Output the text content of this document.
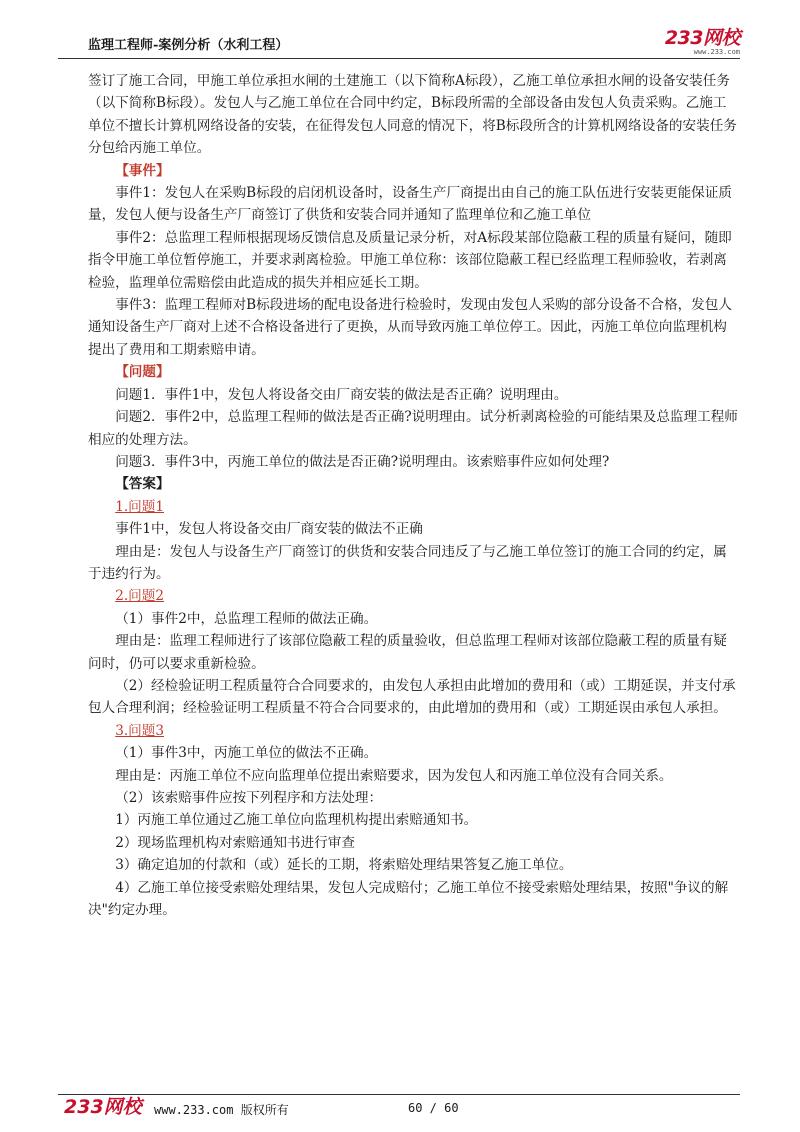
监理工程师-案例分析（水利工程）	233网校
www.233.com

签订了施工合同，甲施工单位承担水闸的土建施工（以下简称A标段），乙施工单位承担水闸的设备安装任务（以下简称B标段）。发包人与乙施工单位在合同中约定，B标段所需的全部设备由发包人负责采购。乙施工单位不擅长计算机网络设备的安装，在征得发包人同意的情况下，将B标段所含的计算机网络设备的安装任务分包给丙施工单位。

【事件】

事件1：发包人在采购B标段的启闭机设备时，设备生产厂商提出由自己的施工队伍进行安装更能保证质量，发包人便与设备生产厂商签订了供货和安装合同并通知了监理单位和乙施工单位

事件2：总监理工程师根据现场反馈信息及质量记录分析，对A标段某部位隐蔽工程的质量有疑问，随即指令甲施工单位暂停施工，并要求剥离检验。甲施工单位称：该部位隐蔽工程已经监理工程师验收，若剥离检验，监理单位需赔偿由此造成的损失并相应延长工期。

事件3：监理工程师对B标段进场的配电设备进行检验时，发现由发包人采购的部分设备不合格，发包人通知设备生产厂商对上述不合格设备进行了更换，从而导致丙施工单位停工。因此，丙施工单位向监理机构提出了费用和工期索赔申请。

【问题】

问题1．事件1中，发包人将设备交由厂商安装的做法是否正确？说明理由。

问题2．事件2中，总监理工程师的做法是否正确?说明理由。试分析剥离检验的可能结果及总监理工程师相应的处理方法。

问题3．事件3中，丙施工单位的做法是否正确?说明理由。该索赔事件应如何处理?

【答案】

1.问题1

事件1中，发包人将设备交由厂商安装的做法不正确

理由是：发包人与设备生产厂商签订的供货和安装合同违反了与乙施工单位签订的施工合同的约定，属于违约行为。

2.问题2

（1）事件2中，总监理工程师的做法正确。

理由是：监理工程师进行了该部位隐蔽工程的质量验收，但总监理工程师对该部位隐蔽工程的质量有疑问时，仍可以要求重新检验。

（2）经检验证明工程质量符合合同要求的，由发包人承担由此增加的费用和（或）工期延误，并支付承包人合理利润；经检验证明工程质量不符合合同要求的，由此增加的费用和（或）工期延误由承包人承担。

3.问题3

（1）事件3中，丙施工单位的做法不正确。

理由是：丙施工单位不应向监理单位提出索赔要求，因为发包人和丙施工单位没有合同关系。

（2）该索赔事件应按下列程序和方法处理：

1）丙施工单位通过乙施工单位向监理机构提出索赔通知书。

2）现场监理机构对索赔通知书进行审查

3）确定追加的付款和（或）延长的工期，将索赔处理结果答复乙施工单位。

4）乙施工单位接受索赔处理结果，发包人完成赔付；乙施工单位不接受索赔处理结果，按照"争议的解决"约定办理。

233网校 www.233.com 版权所有	60 / 60
